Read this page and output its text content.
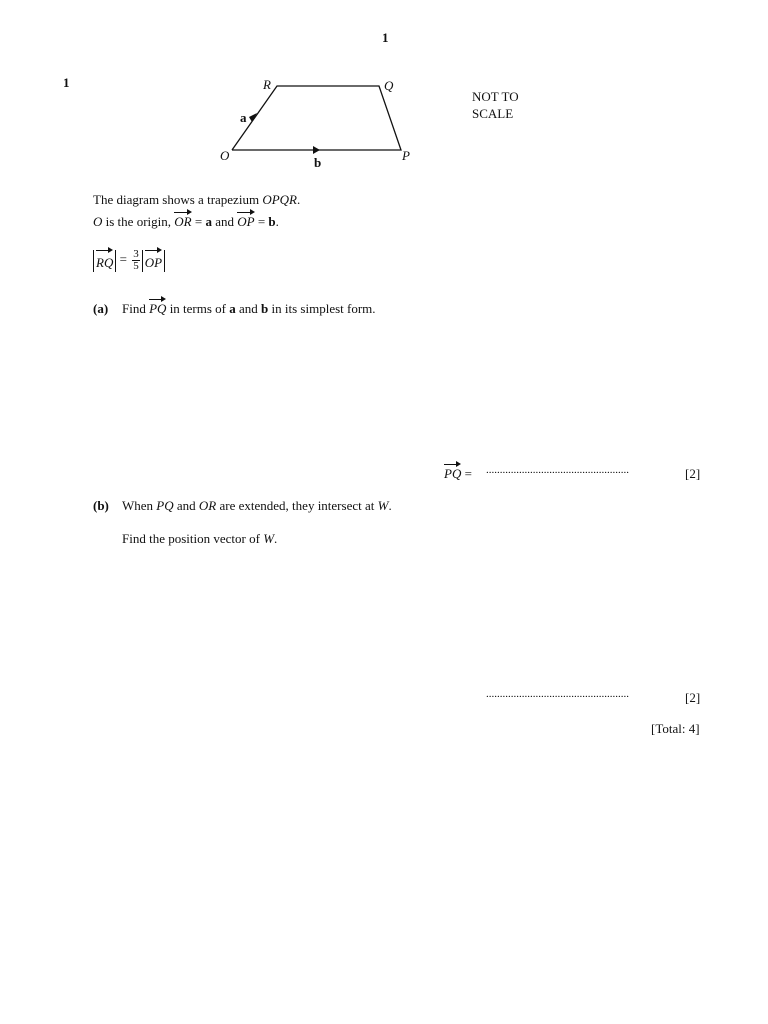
1
1	R	Q
O	P
a
b
NOT TO
SCALE
The diagram shows a trapezium OPQR.
O is the origin, OR = a and OP = b.
RQ = $\frac{3}{5}$ OP
(a) Find PQ in terms of a and b in its simplest form.
PQ = ....................................................	[2]
(b) When PQ and OR are extended, they intersect at W.
Find the position vector of W.
....................................................	[2]
[Total: 4]
